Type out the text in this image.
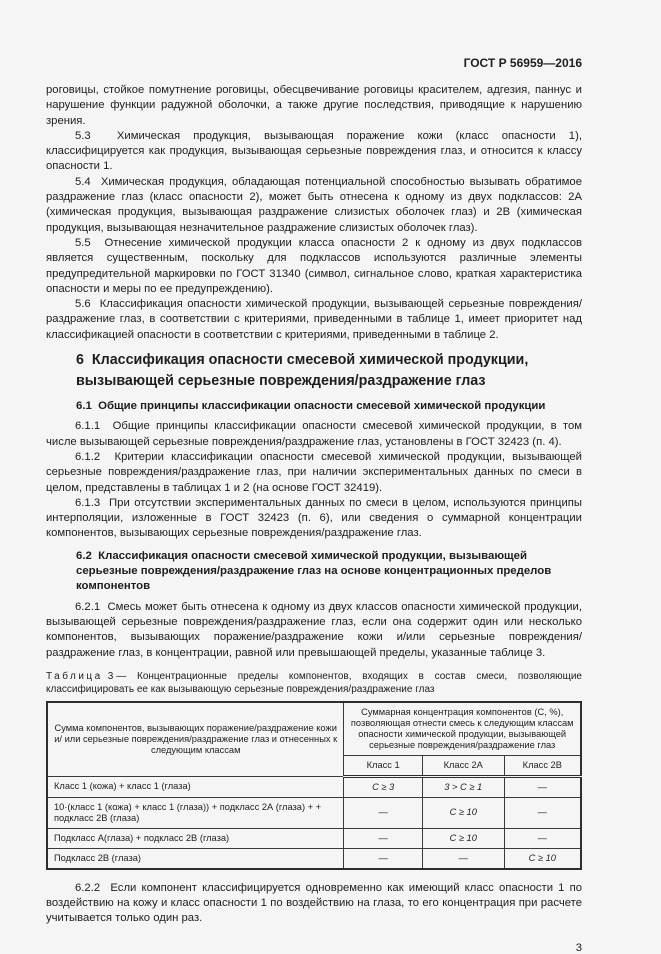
ГОСТ Р 56959—2016

роговицы, стойкое помутнение роговицы, обесцвечивание роговицы красителем, адгезия, паннус и нарушение функции радужной оболочки, а также другие последствия, приводящие к нарушению зрения.

5.3  Химическая продукция, вызывающая поражение кожи (класс опасности 1), классифицируется как продукция, вызывающая серьезные повреждения глаз, и относится к классу опасности 1.

5.4  Химическая продукция, обладающая потенциальной способностью вызывать обратимое раздражение глаз (класс опасности 2), может быть отнесена к одному из двух подклассов: 2А (химическая продукция, вызывающая раздражение слизистых оболочек глаз) и 2В (химическая продукция, вызывающая незначительное раздражение слизистых оболочек глаз).

5.5  Отнесение химической продукции класса опасности 2 к одному из двух подклассов является существенным, поскольку для подклассов используются различные элементы предупредительной маркировки по ГОСТ 31340 (символ, сигнальное слово, краткая характеристика опасности и меры по ее предупреждению).

5.6  Классификация опасности химической продукции, вызывающей серьезные повреждения/раздражение глаз, в соответствии с критериями, приведенными в таблице 1, имеет приоритет над классификацией опасности в соответствии с критериями, приведенными в таблице 2.

6  Классификация опасности смесевой химической продукции, вызывающей серьезные повреждения/раздражение глаз
6.1  Общие принципы классификации опасности смесевой химической продукции

6.1.1  Общие принципы классификации опасности смесевой химической продукции, в том числе вызывающей серьезные повреждения/раздражение глаз, установлены в ГОСТ 32423 (п. 4).

6.1.2  Критерии классификации опасности смесевой химической продукции, вызывающей серьезные повреждения/раздражение глаз, при наличии экспериментальных данных по смеси в целом, представлены в таблицах 1 и 2 (на основе ГОСТ 32419).

6.1.3  При отсутствии экспериментальных данных по смеси в целом, используются принципы интерполяции, изложенные в ГОСТ 32423 (п. 6), или сведения о суммарной концентрации компонентов, вызывающих серьезные повреждения/раздражение глаз.

6.2  Классификация опасности смесевой химической продукции, вызывающей серьезные повреждения/раздражение глаз на основе концентрационных пределов компонентов

6.2.1  Смесь может быть отнесена к одному из двух классов опасности химической продукции, вызывающей серьезные повреждения/раздражение глаз, если она содержит один или несколько компонентов, вызывающих поражение/раздражение кожи и/или серьезные повреждения/раздражение глаз, в концентрации, равной или превышающей пределы, указанные таблице 3.

Таблица 3 — Концентрационные пределы компонентов, входящих в состав смеси, позволяющие классифицировать ее как вызывающую серьезные повреждения/раздражение глаз
Сумма компонентов, вызывающих поражение/раздражение кожи и/ или серьезные повреждения/раздражение глаз и отнесенных к следующим классам	Суммарная концентрация компонентов (С, %), позволяющая отнести смесь к следующим классам опасности химической продукции, вызывающей серьезные повреждения/раздражение глаз		
	Класс 1	Класс 2А	Класс 2В
Класс 1 (кожа) + класс 1 (глаза)	С ≥ 3	3 > С ≥ 1	—
10·(класс 1 (кожа) + класс 1 (глаза)) + подкласс 2А (глаза) + + подкласс 2В (глаза)	—	С ≥ 10	—
Подкласс А(глаза) + подкласс 2В (глаза)	—	С ≥ 10	—
Подкласс 2В (глаза)	—	—	С ≥ 10

6.2.2  Если компонент классифицируется одновременно как имеющий класс опасности 1 по воздействию на кожу и класс опасности 1 по воздействию на глаза, то его концентрация при расчете учитывается только один раз.

3
